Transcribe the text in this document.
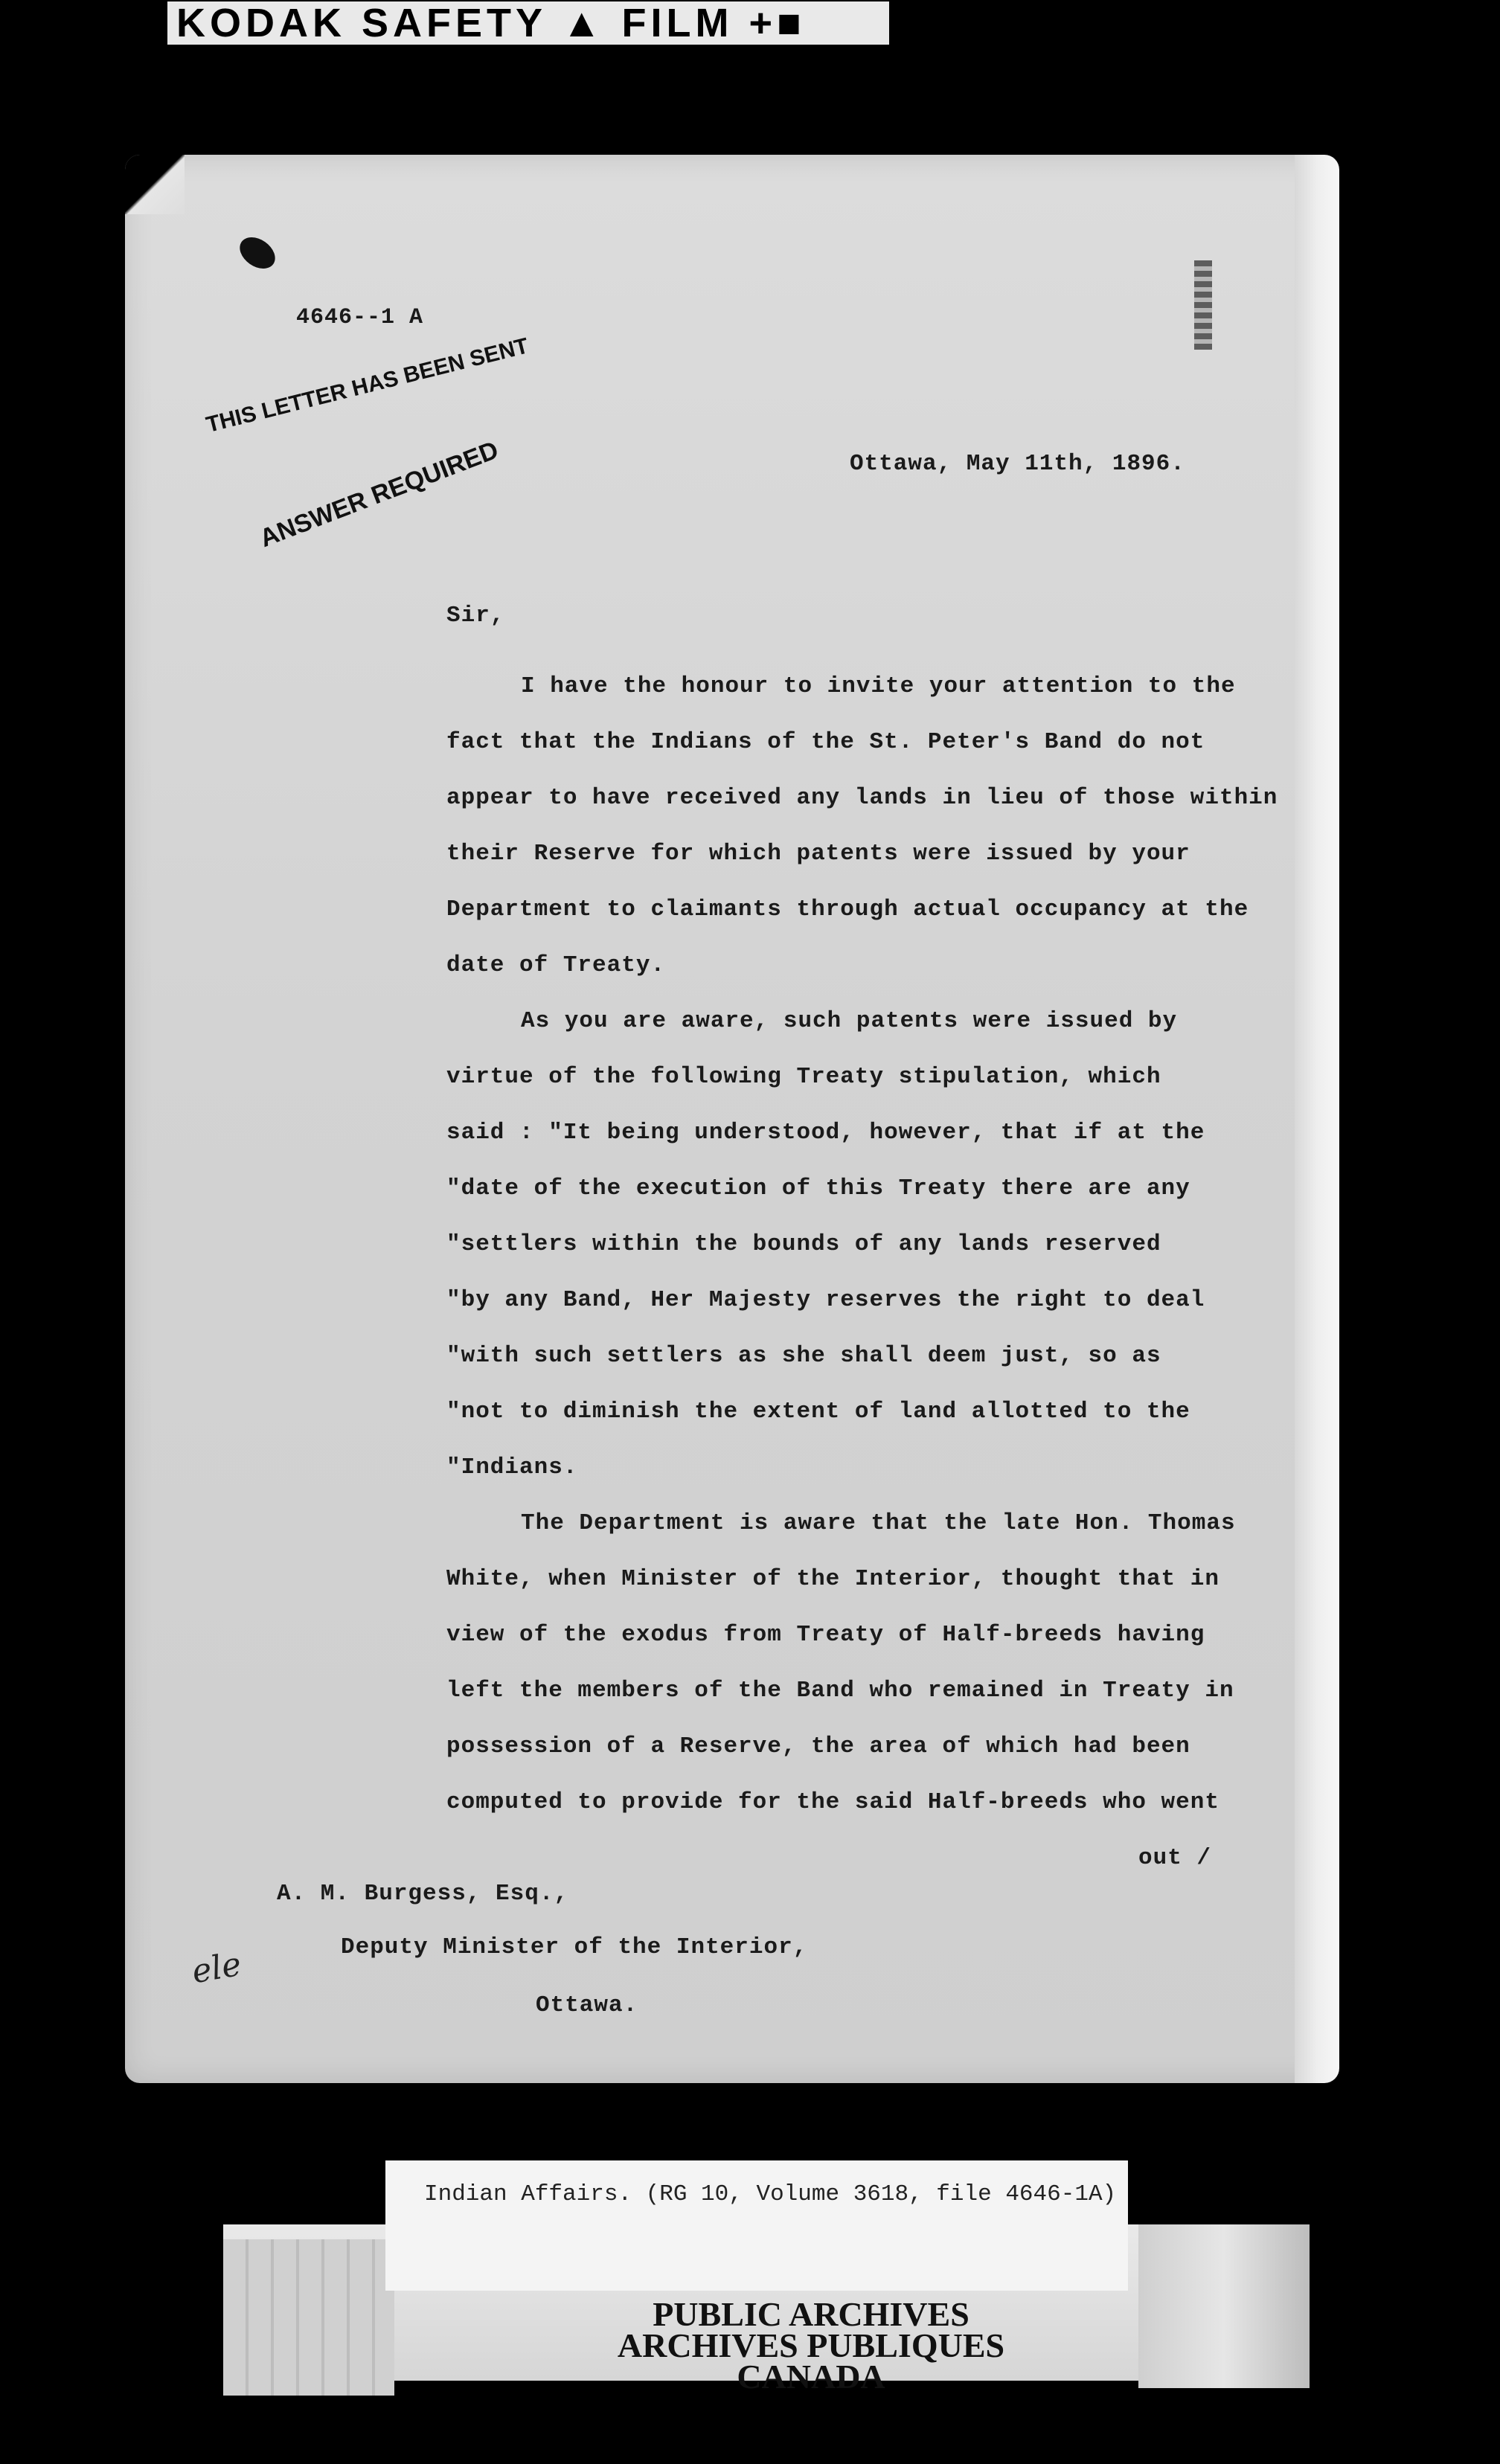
KODAK SAFETY ▲ FILM +■
4646--1 A
THIS LETTER HAS BEEN SENT
ANSWER REQUIRED	Ottawa, May 11th, 1896.
Sir,
I have the honour to invite your attention to the
fact that the Indians of the St. Peter's Band do not
appear to have received any lands in lieu of those within
their Reserve for which patents were issued by your
Department to claimants through actual occupancy at the
date of Treaty.
As you are aware, such patents were issued by
virtue of the following Treaty stipulation, which
said : "It being understood, however, that if at the
"date of the execution of this Treaty there are any
"settlers within the bounds of any lands reserved
"by any Band, Her Majesty reserves the right to deal
"with such settlers as she shall deem just, so as
"not to diminish the extent of land allotted to the
"Indians.
The Department is aware that the late Hon. Thomas
White, when Minister of the Interior, thought that in
view of the exodus from Treaty of Half-breeds having
left the members of the Band who remained in Treaty in
possession of a Reserve, the area of which had been
computed to provide for the said Half-breeds who went
out /
A. M. Burgess, Esq.,
Deputy Minister of the Interior,
Ottawa.
ele
Indian Affairs. (RG 10, Volume 3618, file 4646-1A)
PUBLIC ARCHIVES
ARCHIVES PUBLIQUES
CANADA
